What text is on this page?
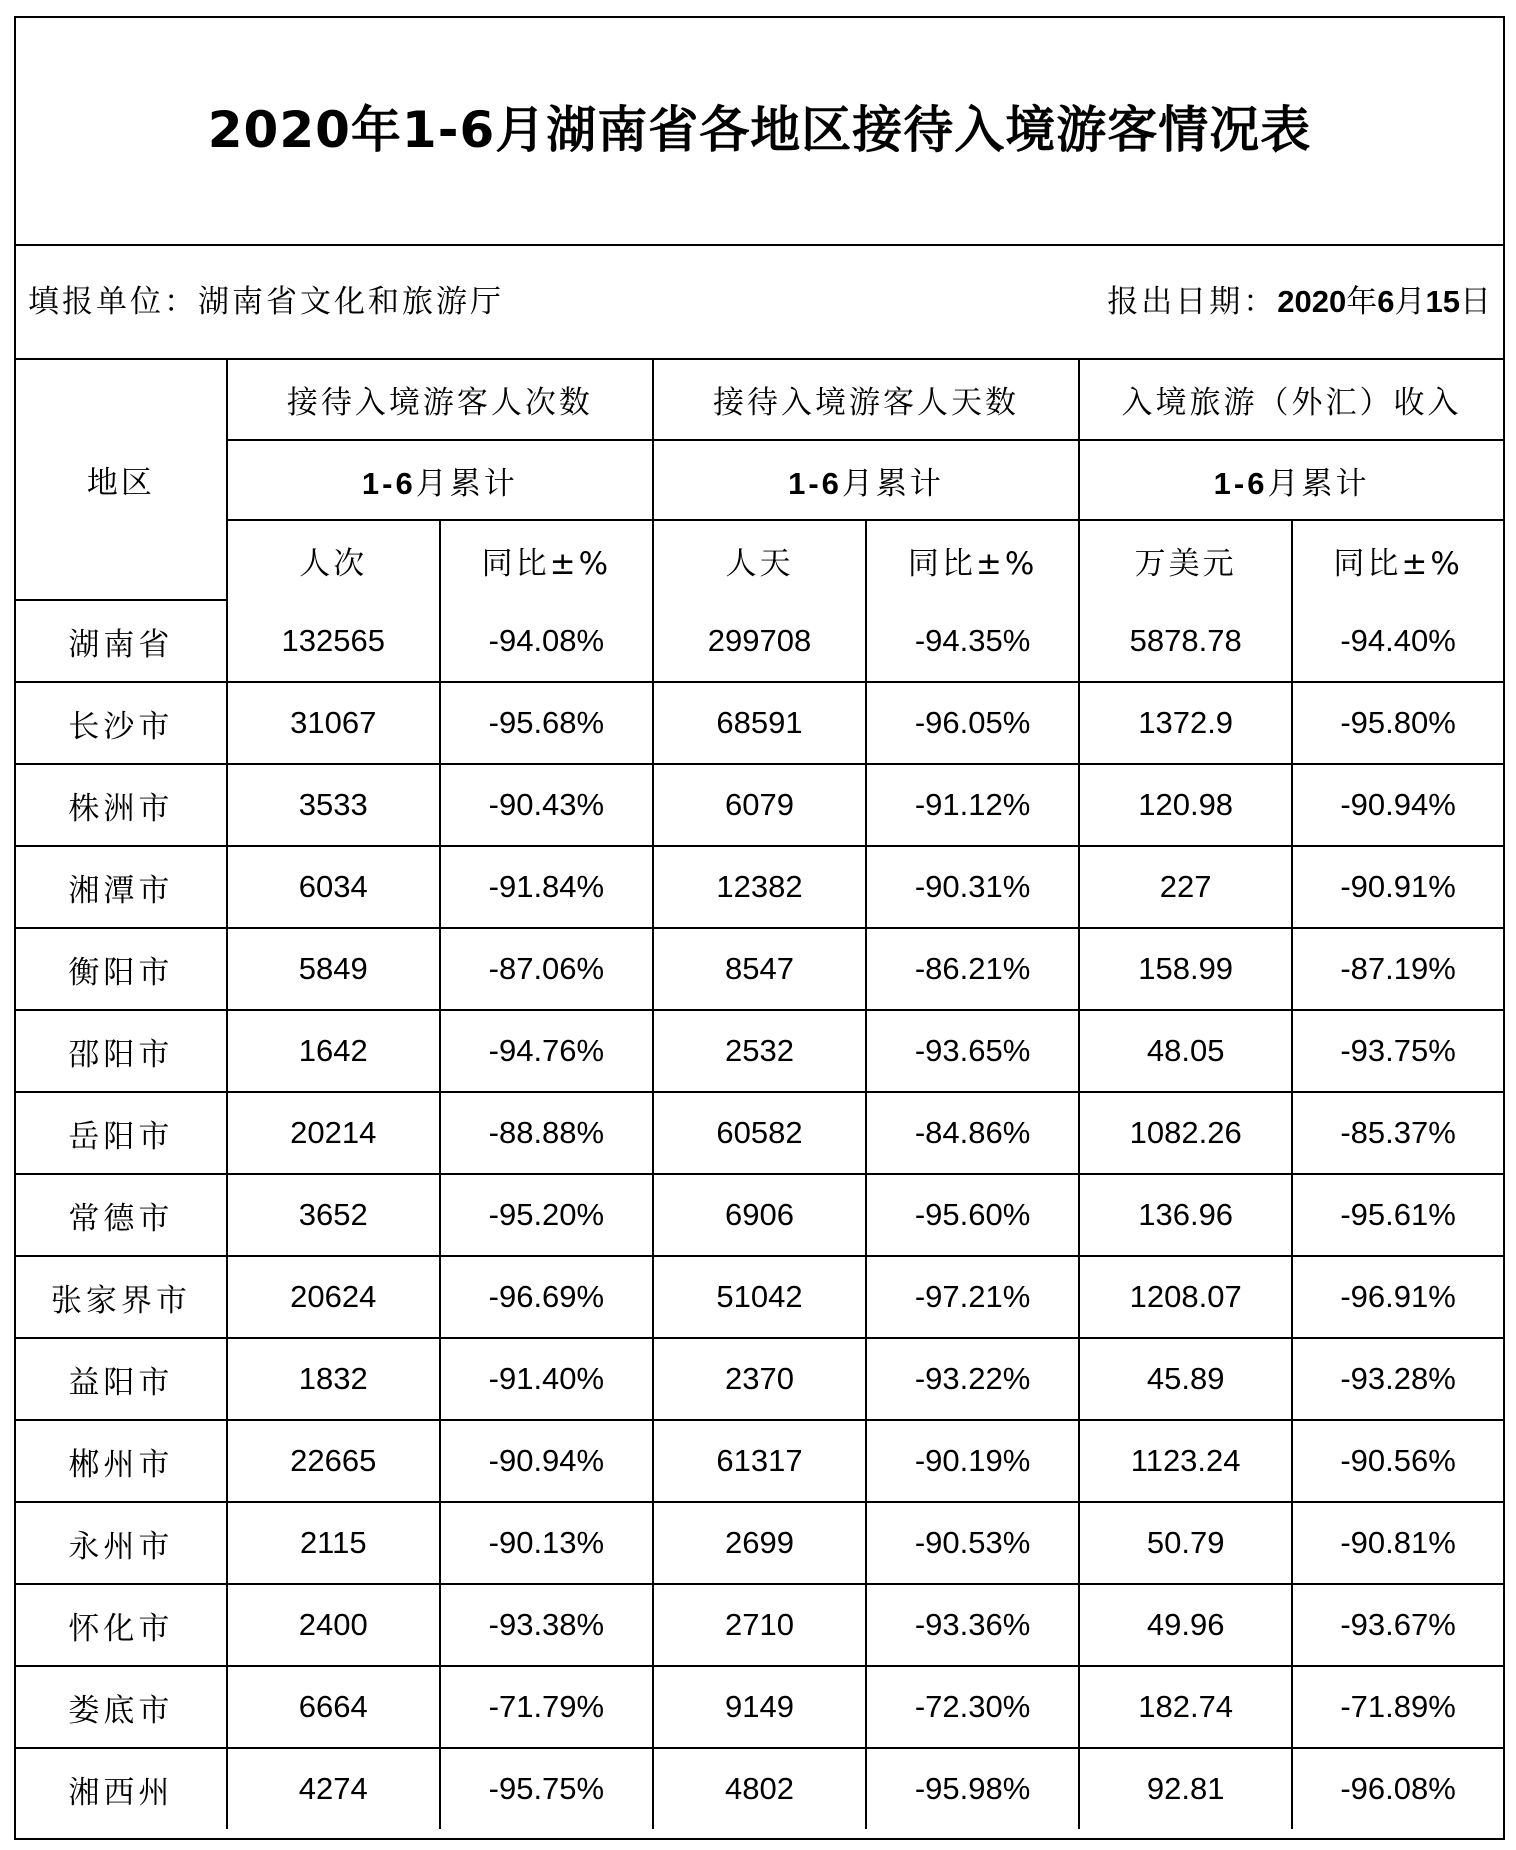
2020年1-6月湖南省各地区接待入境游客情况表
填报单位：湖南省文化和旅游厅	报出日期：2020年6月15日
地区	接待入境游客人次数		接待入境游客人天数		入境旅游（外汇）收入	
	1-6月累计		1-6月累计		1-6月累计	
	人次	同比±%	人天	同比±%	万美元	同比±%
湖南省	132565	-94.08%	299708	-94.35%	5878.78	-94.40%
长沙市	31067	-95.68%	68591	-96.05%	1372.9	-95.80%
株洲市	3533	-90.43%	6079	-91.12%	120.98	-90.94%
湘潭市	6034	-91.84%	12382	-90.31%	227	-90.91%
衡阳市	5849	-87.06%	8547	-86.21%	158.99	-87.19%
邵阳市	1642	-94.76%	2532	-93.65%	48.05	-93.75%
岳阳市	20214	-88.88%	60582	-84.86%	1082.26	-85.37%
常德市	3652	-95.20%	6906	-95.60%	136.96	-95.61%
张家界市	20624	-96.69%	51042	-97.21%	1208.07	-96.91%
益阳市	1832	-91.40%	2370	-93.22%	45.89	-93.28%
郴州市	22665	-90.94%	61317	-90.19%	1123.24	-90.56%
永州市	2115	-90.13%	2699	-90.53%	50.79	-90.81%
怀化市	2400	-93.38%	2710	-93.36%	49.96	-93.67%
娄底市	6664	-71.79%	9149	-72.30%	182.74	-71.89%
湘西州	4274	-95.75%	4802	-95.98%	92.81	-96.08%
